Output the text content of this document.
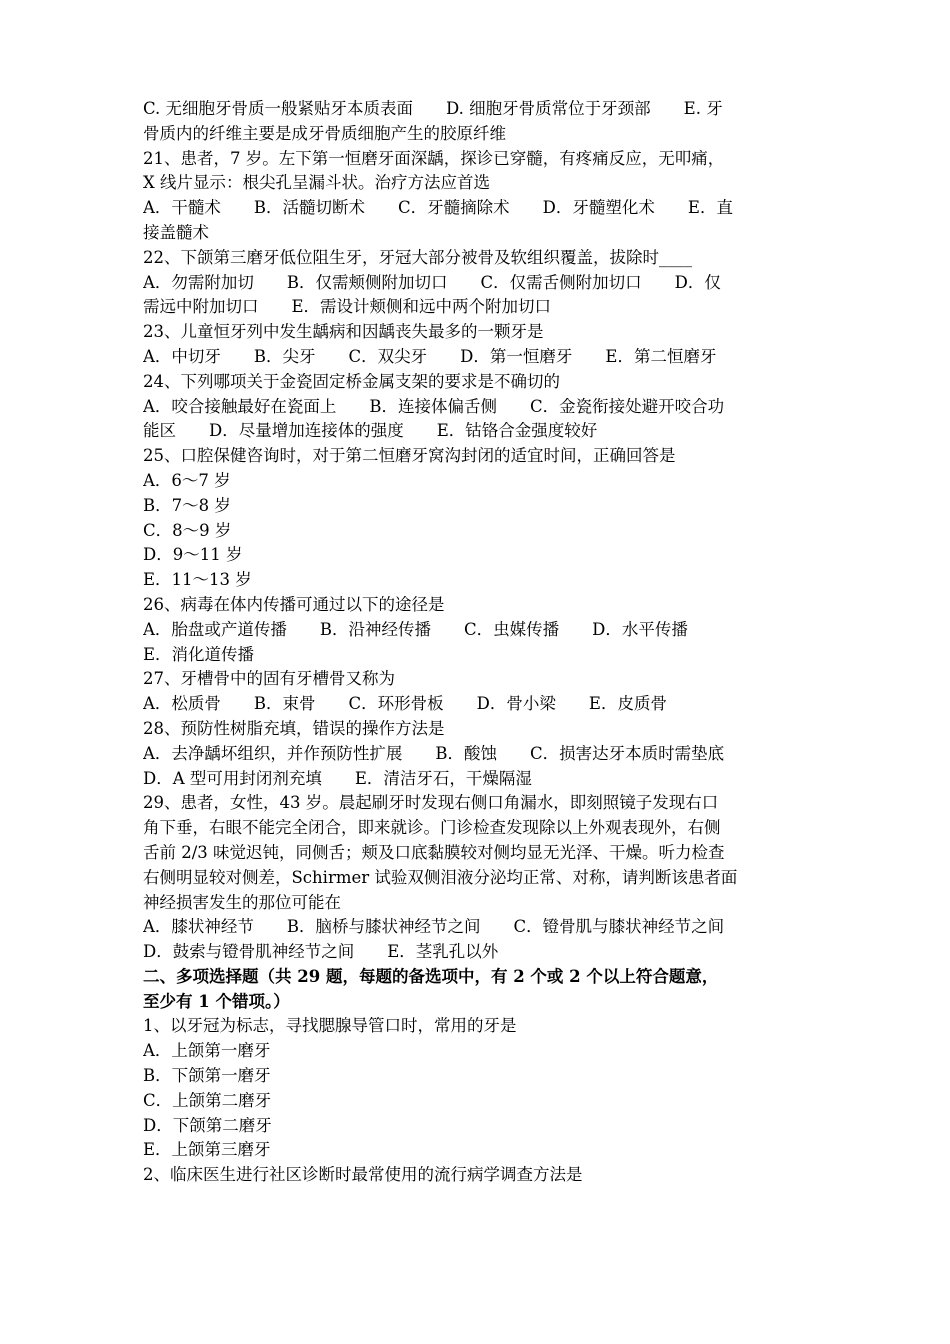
C. 无细胞牙骨质一般紧贴牙本质表面　　D. 细胞牙骨质常位于牙颈部　　E. 牙
骨质内的纤维主要是成牙骨质细胞产生的胶原纤维
21、患者，7 岁。左下第一恒磨牙面深龋，探诊已穿髓，有疼痛反应，无叩痛，
X 线片显示：根尖孔呈漏斗状。治疗方法应首选
A．干髓术　　B．活髓切断术　　C．牙髓摘除术　　D．牙髓塑化术　　E．直
接盖髓术
22、下颌第三磨牙低位阻生牙，牙冠大部分被骨及软组织覆盖，拔除时____
A．勿需附加切　　B．仅需颊侧附加切口　　C．仅需舌侧附加切口　　D．仅
需远中附加切口　　E．需设计颊侧和远中两个附加切口
23、儿童恒牙列中发生龋病和因龋丧失最多的一颗牙是
A．中切牙　　B．尖牙　　C．双尖牙　　D．第一恒磨牙　　E．第二恒磨牙
24、下列哪项关于金瓷固定桥金属支架的要求是不确切的
A．咬合接触最好在瓷面上　　B．连接体偏舌侧　　C．金瓷衔接处避开咬合功
能区　　D．尽量增加连接体的强度　　E．钴铬合金强度较好
25、口腔保健咨询时，对于第二恒磨牙窝沟封闭的适宜时间，正确回答是
A．6～7 岁
B．7～8 岁
C．8～9 岁
D．9～11 岁
E．11～13 岁
26、病毒在体内传播可通过以下的途径是
A．胎盘或产道传播　　B．沿神经传播　　C．虫媒传播　　D．水平传播
E．消化道传播
27、牙槽骨中的固有牙槽骨又称为
A．松质骨　　B．束骨　　C．环形骨板　　D．骨小梁　　E．皮质骨
28、预防性树脂充填，错误的操作方法是
A．去净龋坏组织，并作预防性扩展　　B．酸蚀　　C．损害达牙本质时需垫底
D．A 型可用封闭剂充填　　E．清洁牙石，干燥隔湿
29、患者，女性，43 岁。晨起刷牙时发现右侧口角漏水，即刻照镜子发现右口
角下垂，右眼不能完全闭合，即来就诊。门诊检查发现除以上外观表现外，右侧
舌前 2/3 味觉迟钝，同侧舌；颊及口底黏膜较对侧均显无光泽、干燥。听力检查
右侧明显较对侧差，Schirmer 试验双侧泪液分泌均正常、对称，请判断该患者面
神经损害发生的那位可能在
A．膝状神经节　　B．脑桥与膝状神经节之间　　C．镫骨肌与膝状神经节之间
D．鼓索与镫骨肌神经节之间　　E．茎乳孔以外
二、多项选择题（共 29 题，每题的备选项中，有 2 个或 2 个以上符合题意，
至少有 1 个错项。）
1、以牙冠为标志，寻找腮腺导管口时，常用的牙是
A．上颌第一磨牙
B．下颌第一磨牙
C．上颌第二磨牙
D．下颌第二磨牙
E．上颌第三磨牙
2、临床医生进行社区诊断时最常使用的流行病学调查方法是
